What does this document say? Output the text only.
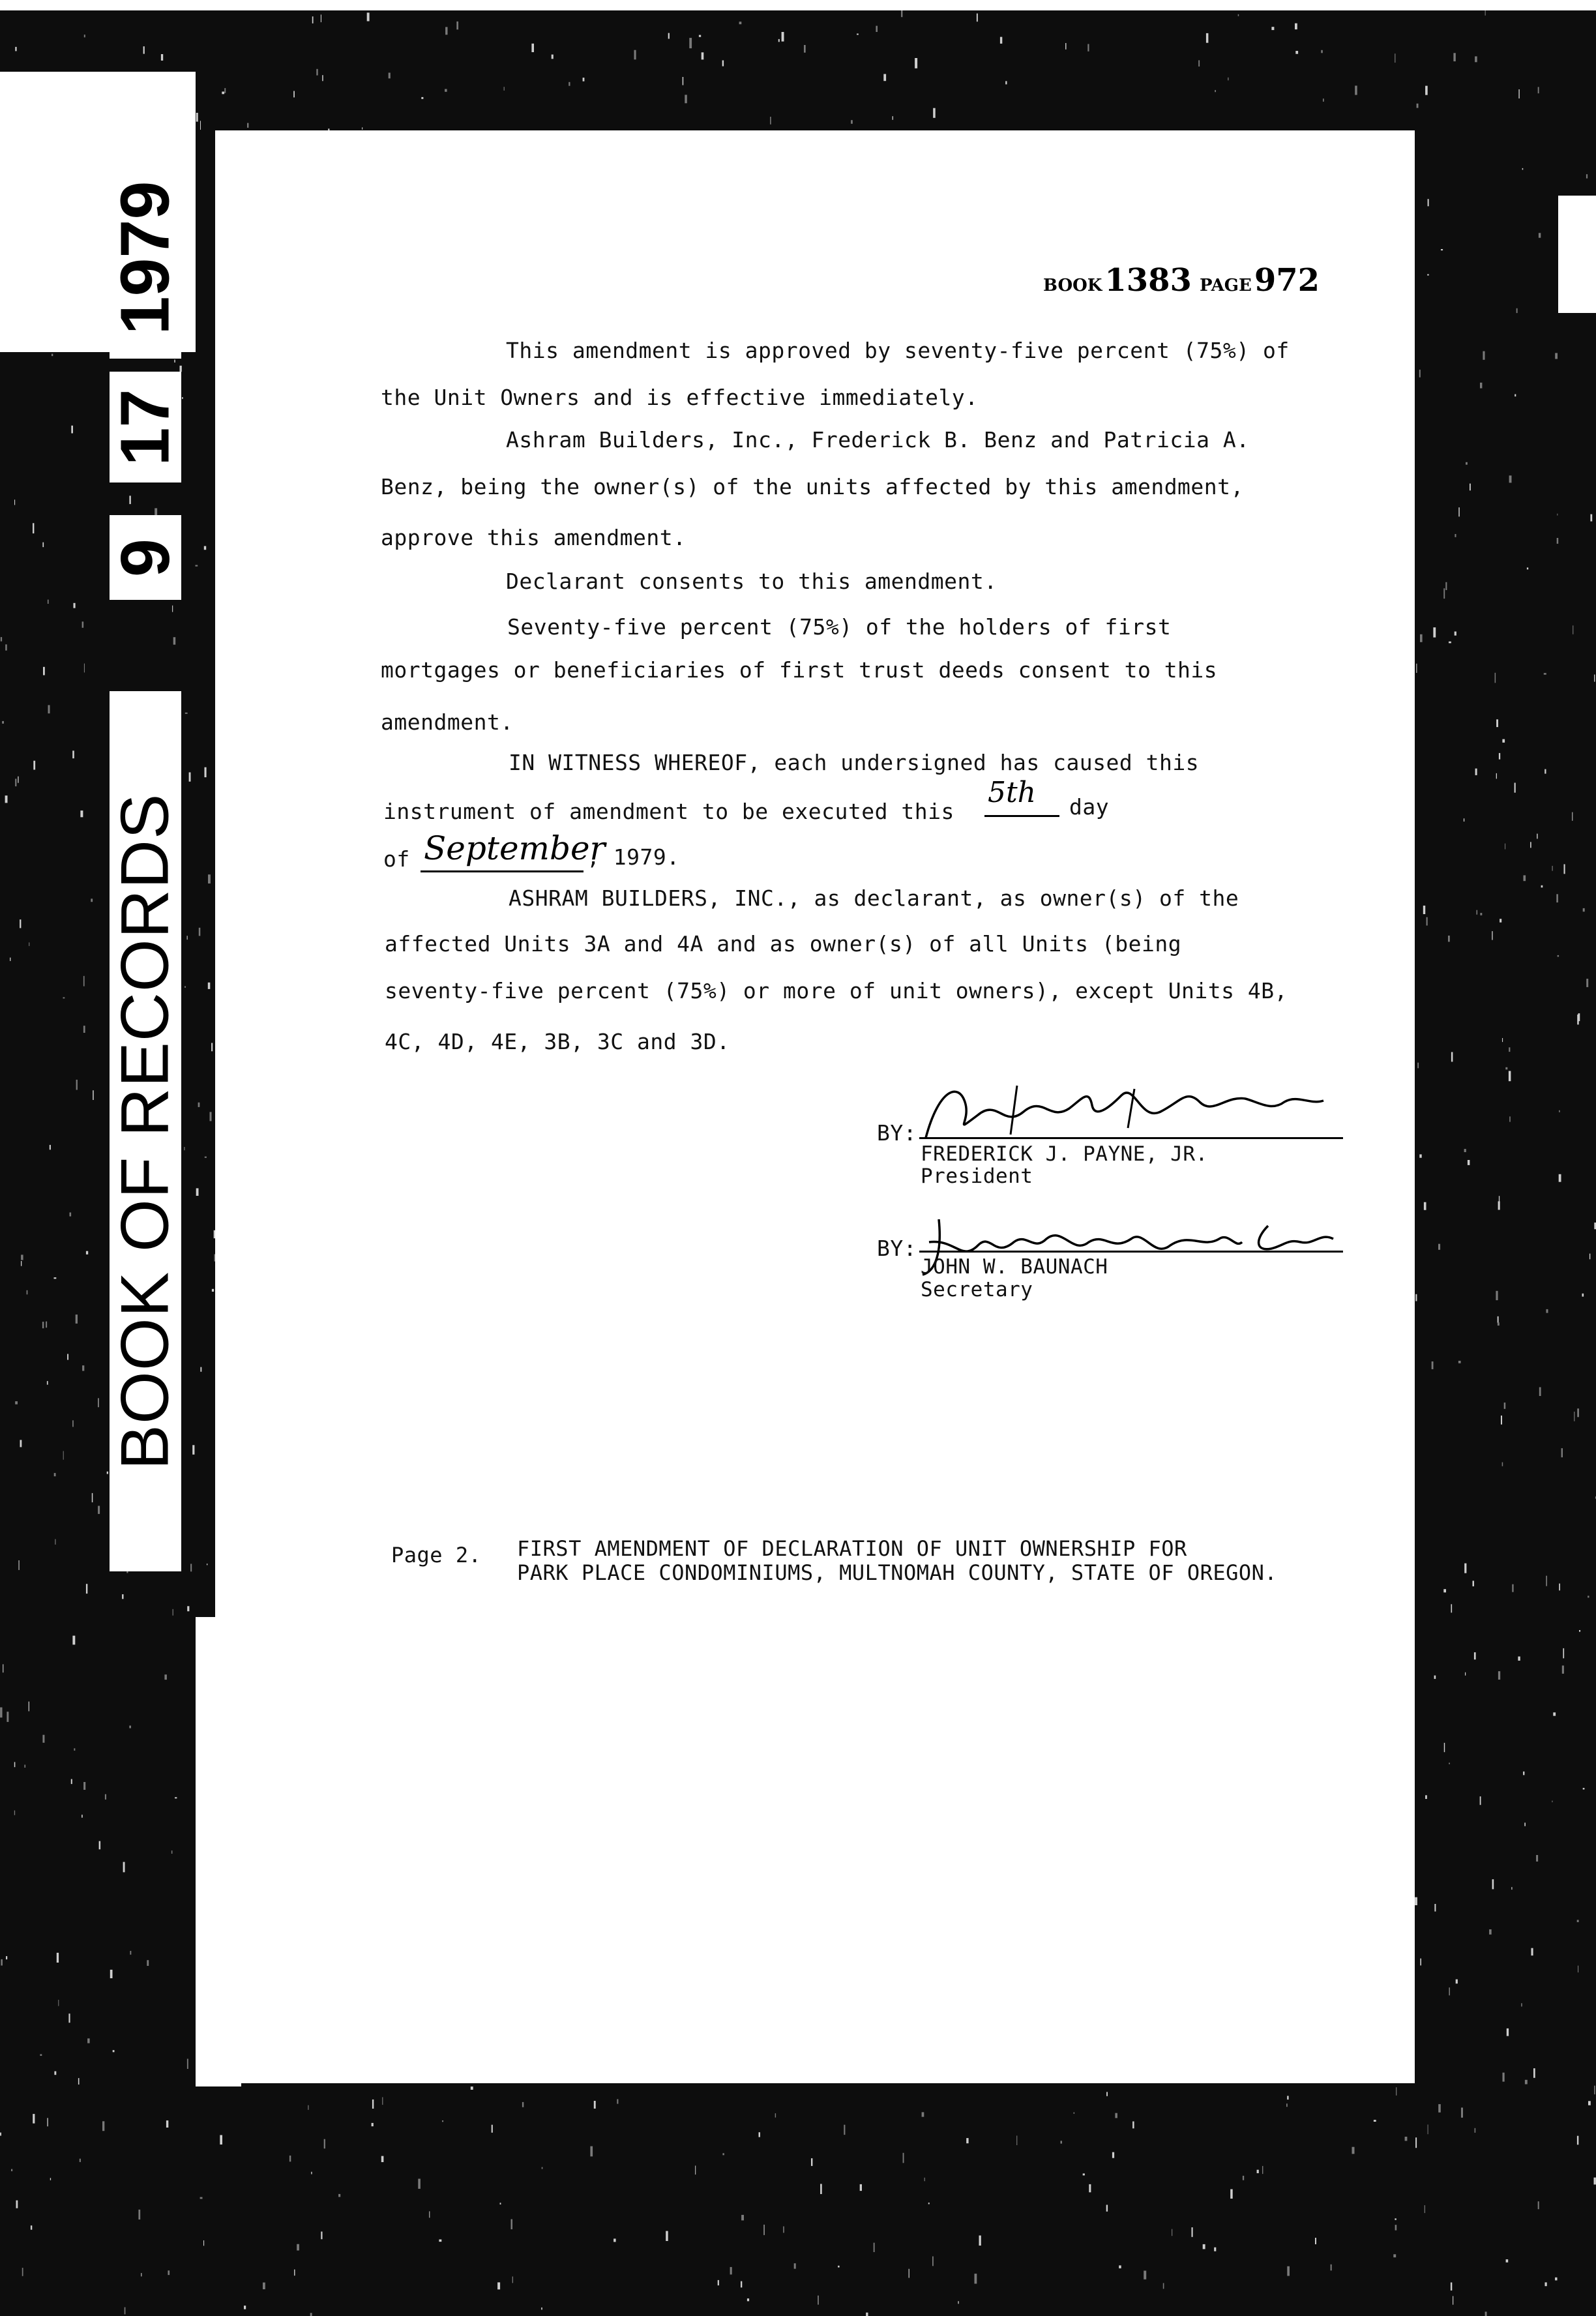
1979
17
9
BOOK OF RECORDS
BOOK1383 PAGE972
This amendment is approved by seventy-five percent (75%) of
the Unit Owners and is effective immediately.
Ashram Builders, Inc., Frederick B. Benz and Patricia A.
Benz, being the owner(s) of the units affected by this amendment,
approve this amendment.
Declarant consents to this amendment.
Seventy-five percent (75%) of the holders of first
mortgages or beneficiaries of first trust deeds consent to this
amendment.
IN WITNESS WHEREOF, each undersigned has caused this
instrument of amendment to be executed this
5th day
of September
, 1979.
ASHRAM BUILDERS, INC., as declarant, as owner(s) of the
affected Units 3A and 4A and as owner(s) of all Units (being
seventy-five percent (75%) or more of unit owners), except Units 4B,
4C, 4D, 4E, 3B, 3C and 3D.
BY:
FREDERICK J. PAYNE, JR.
President
BY:
JOHN W. BAUNACH
Secretary
Page 2. FIRST AMENDMENT OF DECLARATION OF UNIT OWNERSHIP FOR
PARK PLACE CONDOMINIUMS, MULTNOMAH COUNTY, STATE OF OREGON.
